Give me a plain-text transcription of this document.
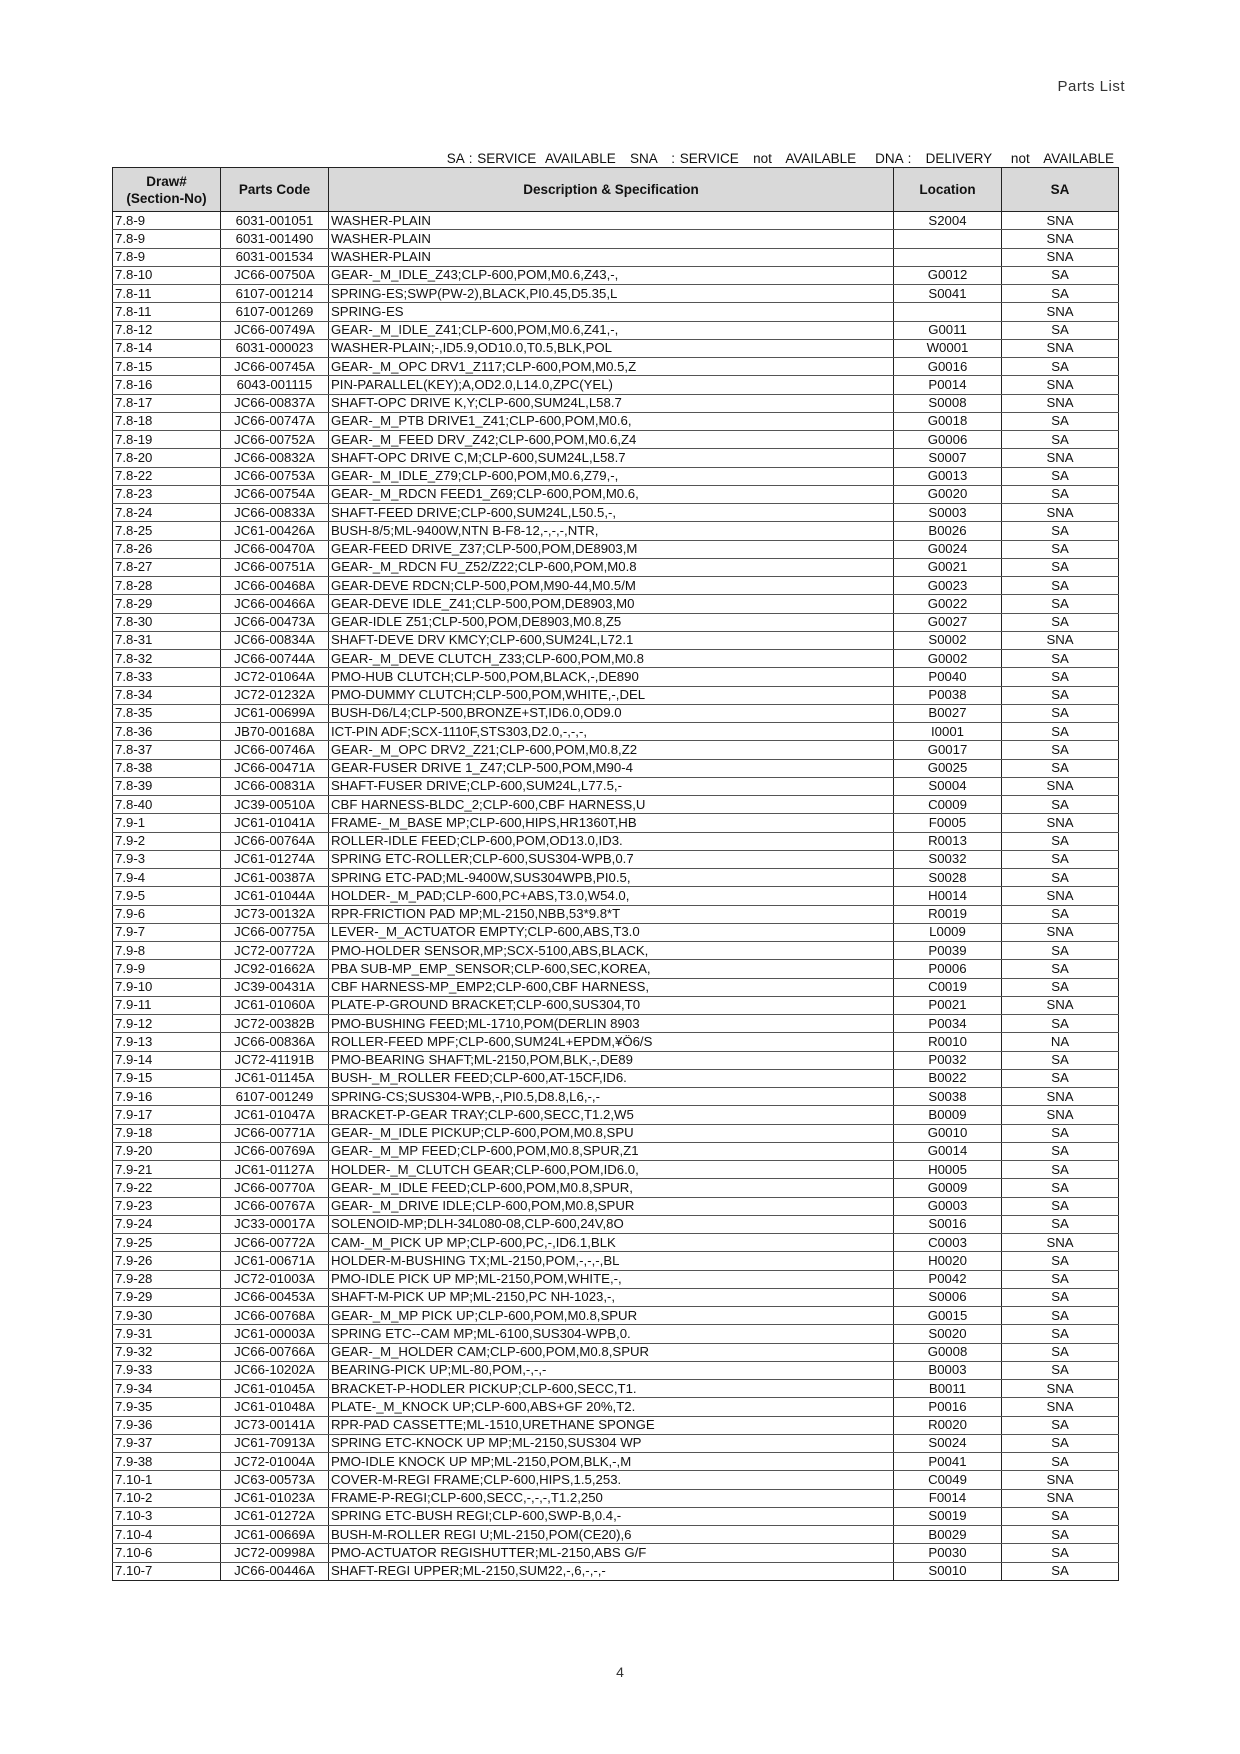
Parts List
SA : SERVICE  AVAILABLE   SNA   : SERVICE   not   AVAILABLE    DNA :   DELIVERY    not   AVAILABLE
Draw#
(Section-No)	Parts Code	Description & Specification	Location	SA
7.8-9	6031-001051	WASHER-PLAIN	S2004	SNA
7.8-9	6031-001490	WASHER-PLAIN		SNA
7.8-9	6031-001534	WASHER-PLAIN		SNA
7.8-10	JC66-00750A	GEAR-_M_IDLE_Z43;CLP-600,POM,M0.6,Z43,-,	G0012	SA
7.8-11	6107-001214	SPRING-ES;SWP(PW-2),BLACK,PI0.45,D5.35,L	S0041	SA
7.8-11	6107-001269	SPRING-ES		SNA
7.8-12	JC66-00749A	GEAR-_M_IDLE_Z41;CLP-600,POM,M0.6,Z41,-,	G0011	SA
7.8-14	6031-000023	WASHER-PLAIN;-,ID5.9,OD10.0,T0.5,BLK,POL	W0001	SNA
7.8-15	JC66-00745A	GEAR-_M_OPC DRV1_Z117;CLP-600,POM,M0.5,Z	G0016	SA
7.8-16	6043-001115	PIN-PARALLEL(KEY);A,OD2.0,L14.0,ZPC(YEL)	P0014	SNA
7.8-17	JC66-00837A	SHAFT-OPC DRIVE K,Y;CLP-600,SUM24L,L58.7	S0008	SNA
7.8-18	JC66-00747A	GEAR-_M_PTB DRIVE1_Z41;CLP-600,POM,M0.6,	G0018	SA
7.8-19	JC66-00752A	GEAR-_M_FEED DRV_Z42;CLP-600,POM,M0.6,Z4	G0006	SA
7.8-20	JC66-00832A	SHAFT-OPC DRIVE C,M;CLP-600,SUM24L,L58.7	S0007	SNA
7.8-22	JC66-00753A	GEAR-_M_IDLE_Z79;CLP-600,POM,M0.6,Z79,-,	G0013	SA
7.8-23	JC66-00754A	GEAR-_M_RDCN FEED1_Z69;CLP-600,POM,M0.6,	G0020	SA
7.8-24	JC66-00833A	SHAFT-FEED DRIVE;CLP-600,SUM24L,L50.5,-,	S0003	SNA
7.8-25	JC61-00426A	BUSH-8/5;ML-9400W,NTN B-F8-12,-,-,-,NTR,	B0026	SA
7.8-26	JC66-00470A	GEAR-FEED DRIVE_Z37;CLP-500,POM,DE8903,M	G0024	SA
7.8-27	JC66-00751A	GEAR-_M_RDCN FU_Z52/Z22;CLP-600,POM,M0.8	G0021	SA
7.8-28	JC66-00468A	GEAR-DEVE RDCN;CLP-500,POM,M90-44,M0.5/M	G0023	SA
7.8-29	JC66-00466A	GEAR-DEVE IDLE_Z41;CLP-500,POM,DE8903,M0	G0022	SA
7.8-30	JC66-00473A	GEAR-IDLE Z51;CLP-500,POM,DE8903,M0.8,Z5	G0027	SA
7.8-31	JC66-00834A	SHAFT-DEVE DRV KMCY;CLP-600,SUM24L,L72.1	S0002	SNA
7.8-32	JC66-00744A	GEAR-_M_DEVE CLUTCH_Z33;CLP-600,POM,M0.8	G0002	SA
7.8-33	JC72-01064A	PMO-HUB CLUTCH;CLP-500,POM,BLACK,-,DE890	P0040	SA
7.8-34	JC72-01232A	PMO-DUMMY CLUTCH;CLP-500,POM,WHITE,-,DEL	P0038	SA
7.8-35	JC61-00699A	BUSH-D6/L4;CLP-500,BRONZE+ST,ID6.0,OD9.0	B0027	SA
7.8-36	JB70-00168A	ICT-PIN ADF;SCX-1110F,STS303,D2.0,-,-,-,	I0001	SA
7.8-37	JC66-00746A	GEAR-_M_OPC DRV2_Z21;CLP-600,POM,M0.8,Z2	G0017	SA
7.8-38	JC66-00471A	GEAR-FUSER DRIVE 1_Z47;CLP-500,POM,M90-4	G0025	SA
7.8-39	JC66-00831A	SHAFT-FUSER DRIVE;CLP-600,SUM24L,L77.5,-	S0004	SNA
7.8-40	JC39-00510A	CBF HARNESS-BLDC_2;CLP-600,CBF HARNESS,U	C0009	SA
7.9-1	JC61-01041A	FRAME-_M_BASE MP;CLP-600,HIPS,HR1360T,HB	F0005	SNA
7.9-2	JC66-00764A	ROLLER-IDLE FEED;CLP-600,POM,OD13.0,ID3.	R0013	SA
7.9-3	JC61-01274A	SPRING ETC-ROLLER;CLP-600,SUS304-WPB,0.7	S0032	SA
7.9-4	JC61-00387A	SPRING ETC-PAD;ML-9400W,SUS304WPB,PI0.5,	S0028	SA
7.9-5	JC61-01044A	HOLDER-_M_PAD;CLP-600,PC+ABS,T3.0,W54.0,	H0014	SNA
7.9-6	JC73-00132A	RPR-FRICTION PAD MP;ML-2150,NBB,53*9.8*T	R0019	SA
7.9-7	JC66-00775A	LEVER-_M_ACTUATOR EMPTY;CLP-600,ABS,T3.0	L0009	SNA
7.9-8	JC72-00772A	PMO-HOLDER SENSOR,MP;SCX-5100,ABS,BLACK,	P0039	SA
7.9-9	JC92-01662A	PBA SUB-MP_EMP_SENSOR;CLP-600,SEC,KOREA,	P0006	SA
7.9-10	JC39-00431A	CBF HARNESS-MP_EMP2;CLP-600,CBF HARNESS,	C0019	SA
7.9-11	JC61-01060A	PLATE-P-GROUND BRACKET;CLP-600,SUS304,T0	P0021	SNA
7.9-12	JC72-00382B	PMO-BUSHING FEED;ML-1710,POM(DERLIN 8903	P0034	SA
7.9-13	JC66-00836A	ROLLER-FEED MPF;CLP-600,SUM24L+EPDM,¥Ö6/S	R0010	NA
7.9-14	JC72-41191B	PMO-BEARING SHAFT;ML-2150,POM,BLK,-,DE89	P0032	SA
7.9-15	JC61-01145A	BUSH-_M_ROLLER FEED;CLP-600,AT-15CF,ID6.	B0022	SA
7.9-16	6107-001249	SPRING-CS;SUS304-WPB,-,PI0.5,D8.8,L6,-,-	S0038	SNA
7.9-17	JC61-01047A	BRACKET-P-GEAR TRAY;CLP-600,SECC,T1.2,W5	B0009	SNA
7.9-18	JC66-00771A	GEAR-_M_IDLE PICKUP;CLP-600,POM,M0.8,SPU	G0010	SA
7.9-20	JC66-00769A	GEAR-_M_MP FEED;CLP-600,POM,M0.8,SPUR,Z1	G0014	SA
7.9-21	JC61-01127A	HOLDER-_M_CLUTCH GEAR;CLP-600,POM,ID6.0,	H0005	SA
7.9-22	JC66-00770A	GEAR-_M_IDLE FEED;CLP-600,POM,M0.8,SPUR,	G0009	SA
7.9-23	JC66-00767A	GEAR-_M_DRIVE IDLE;CLP-600,POM,M0.8,SPUR	G0003	SA
7.9-24	JC33-00017A	SOLENOID-MP;DLH-34L080-08,CLP-600,24V,8O	S0016	SA
7.9-25	JC66-00772A	CAM-_M_PICK UP MP;CLP-600,PC,-,ID6.1,BLK	C0003	SNA
7.9-26	JC61-00671A	HOLDER-M-BUSHING TX;ML-2150,POM,-,-,-,BL	H0020	SA
7.9-28	JC72-01003A	PMO-IDLE PICK UP MP;ML-2150,POM,WHITE,-,	P0042	SA
7.9-29	JC66-00453A	SHAFT-M-PICK UP MP;ML-2150,PC NH-1023,-,	S0006	SA
7.9-30	JC66-00768A	GEAR-_M_MP PICK UP;CLP-600,POM,M0.8,SPUR	G0015	SA
7.9-31	JC61-00003A	SPRING ETC--CAM MP;ML-6100,SUS304-WPB,0.	S0020	SA
7.9-32	JC66-00766A	GEAR-_M_HOLDER CAM;CLP-600,POM,M0.8,SPUR	G0008	SA
7.9-33	JC66-10202A	BEARING-PICK UP;ML-80,POM,-,-,-	B0003	SA
7.9-34	JC61-01045A	BRACKET-P-HODLER PICKUP;CLP-600,SECC,T1.	B0011	SNA
7.9-35	JC61-01048A	PLATE-_M_KNOCK UP;CLP-600,ABS+GF 20%,T2.	P0016	SNA
7.9-36	JC73-00141A	RPR-PAD CASSETTE;ML-1510,URETHANE SPONGE	R0020	SA
7.9-37	JC61-70913A	SPRING ETC-KNOCK UP MP;ML-2150,SUS304 WP	S0024	SA
7.9-38	JC72-01004A	PMO-IDLE KNOCK UP MP;ML-2150,POM,BLK,-,M	P0041	SA
7.10-1	JC63-00573A	COVER-M-REGI FRAME;CLP-600,HIPS,1.5,253.	C0049	SNA
7.10-2	JC61-01023A	FRAME-P-REGI;CLP-600,SECC,-,-,-,T1.2,250	F0014	SNA
7.10-3	JC61-01272A	SPRING ETC-BUSH REGI;CLP-600,SWP-B,0.4,-	S0019	SA
7.10-4	JC61-00669A	BUSH-M-ROLLER REGI U;ML-2150,POM(CE20),6	B0029	SA
7.10-6	JC72-00998A	PMO-ACTUATOR REGISHUTTER;ML-2150,ABS G/F	P0030	SA
7.10-7	JC66-00446A	SHAFT-REGI UPPER;ML-2150,SUM22,-,6,-,-,-	S0010	SA
4
